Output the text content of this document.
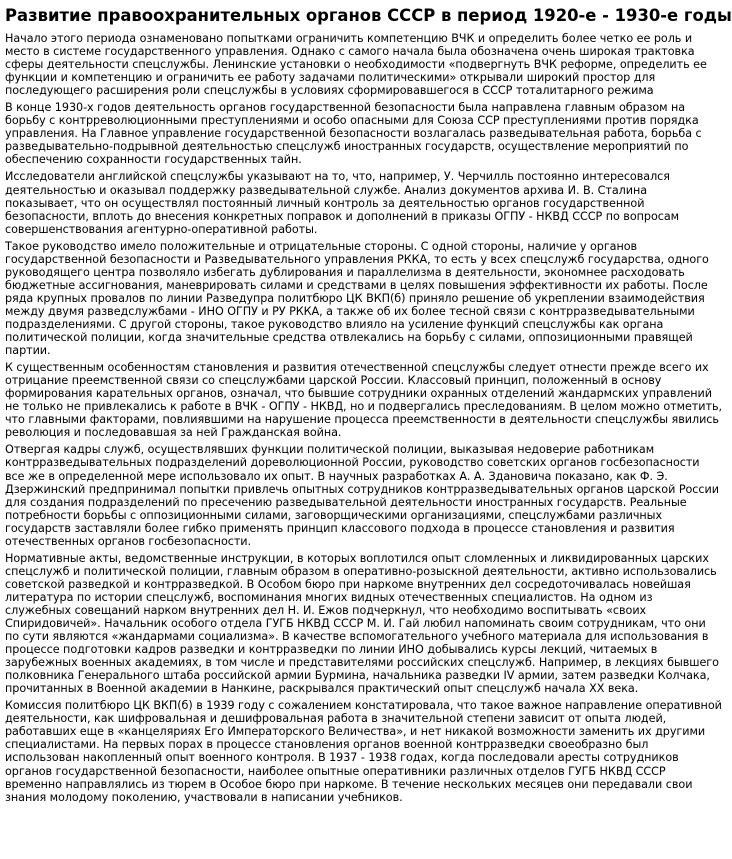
Развитие правоохранительных органов СССР в период 1920-е - 1930-е годы
Начало этого периода ознаменовано попытками ограничить компетенцию ВЧК и определить более четко ее роль и место в системе государственного управления. Однако с самого начала была обозначена очень широкая трактовка сферы деятельности спецслужбы. Ленинские установки о необходимости «подвергнуть ВЧК реформе, определить ее функции и компетенцию и ограничить ее работу задачами политическими» открывали широкий простор для последующего расширения роли спецслужбы в условиях сформировавшегося в СССР тоталитарного режима
В конце 1930-х годов деятельность органов государственной безопасности была направлена главным образом на борьбу с контрреволюционными преступлениями и особо опасными для Союза ССР преступлениями против порядка управления. На Главное управление государственной безопасности возлагалась разведывательная работа, борьба с разведывательно-подрывной деятельностью спецслужб иностранных государств, осуществление мероприятий по обеспечению сохранности государственных тайн.
Исследователи английской спецслужбы указывают на то, что, например, У. Черчилль постоянно интересовался деятельностью и оказывал поддержку разведывательной службе. Анализ документов архива И. В. Сталина показывает, что он осуществлял постоянный личный контроль за деятельностью органов государственной безопасности, вплоть до внесения конкретных поправок и дополнений в приказы ОГПУ - НКВД СССР по вопросам совершенствования агентурно-оперативной работы.
Такое руководство имело положительные и отрицательные стороны. С одной стороны, наличие у органов государственной безопасности и Разведывательного управления РККА, то есть у всех спецслужб государства, одного руководящего центра позволяло избегать дублирования и параллелизма в деятельности, экономнее расходовать бюджетные ассигнования, маневрировать силами и средствами в целях повышения эффективности их работы. После ряда крупных провалов по линии Разведупра политбюро ЦК ВКП(б) приняло решение об укреплении взаимодействия между двумя разведслужбами - ИНО ОГПУ и РУ РККА, а также об их более тесной связи с контрразведывательными подразделениями. С другой стороны, такое руководство влияло на усиление функций спецслужбы как органа политической полиции, когда значительные средства отвлекались на борьбу с силами, оппозиционными правящей партии.
К существенным особенностям становления и развития отечественной спецслужбы следует отнести прежде всего их отрицание преемственной связи со спецслужбами царской России. Классовый принцип, положенный в основу формирования карательных органов, означал, что бывшие сотрудники охранных отделений жандармских управлений не только не привлекались к работе в ВЧК - ОГПУ - НКВД, но и подвергались преследованиям. В целом можно отметить, что главными факторами, повлиявшими на нарушение процесса преемственности в деятельности спецслужбы явились революция и последовавшая за ней Гражданская война.
Отвергая кадры служб, осуществлявших функции политической полиции, выказывая недоверие работникам контрразведывательных подразделений дореволюционной России, руководство советских органов госбезопасности все же в определенной мере использовало их опыт. В научных разработках А. А. Здановича показано, как Ф. Э. Дзержинский предпринимал попытки привлечь опытных сотрудников контрразведывательных органов царской России для создания подразделений по пресечению разведывательной деятельности иностранных государств. Реальные потребности борьбы с оппозиционными силами, заговорщическими организациями, спецслужбами различных государств заставляли более гибко применять принцип классового подхода в процессе становления и развития отечественных органов госбезопасности.
Нормативные акты, ведомственные инструкции, в которых воплотился опыт сломленных и ликвидированных царских спецслужб и политической полиции, главным образом в оперативно-розыскной деятельности, активно использовались советской разведкой и контрразведкой. В Особом бюро при наркоме внутренних дел сосредоточивалась новейшая литература по истории спецслужб, воспоминания многих видных отечественных специалистов. На одном из служебных совещаний нарком внутренних дел Н. И. Ежов подчеркнул, что необходимо воспитывать «своих Спиридовичей». Начальник особого отдела ГУГБ НКВД СССР М. И. Гай любил напоминать своим сотрудникам, что они по сути являются «жандармами социализма». В качестве вспомогательного учебного материала для использования в процессе подготовки кадров разведки и контрразведки по линии ИНО добывались курсы лекций, читаемых в зарубежных военных академиях, в том числе и представителями российских спецслужб. Например, в лекциях бывшего полковника Генерального штаба российской армии Бурмина, начальника разведки IV армии, затем разведки Колчака, прочитанных в Военной академии в Нанкине, раскрывался практический опыт спецслужб начала XX века.
Комиссия политбюро ЦК ВКП(б) в 1939 году с сожалением констатировала, что такое важное направление оперативной деятельности, как шифровальная и дешифровальная работа в значительной степени зависит от опыта людей, работавших еще в «канцеляриях Его Императорского Величества», и нет никакой возможности заменить их другими специалистами. На первых порах в процессе становления органов военной контрразведки своеобразно был использован накопленный опыт военного контроля. В 1937 - 1938 годах, когда последовали аресты сотрудников органов государственной безопасности, наиболее опытные оперативники различных отделов ГУГБ НКВД СССР временно направлялись из тюрем в Особое бюро при наркоме. В течение нескольких месяцев они передавали свои знания молодому поколению, участвовали в написании учебников.
